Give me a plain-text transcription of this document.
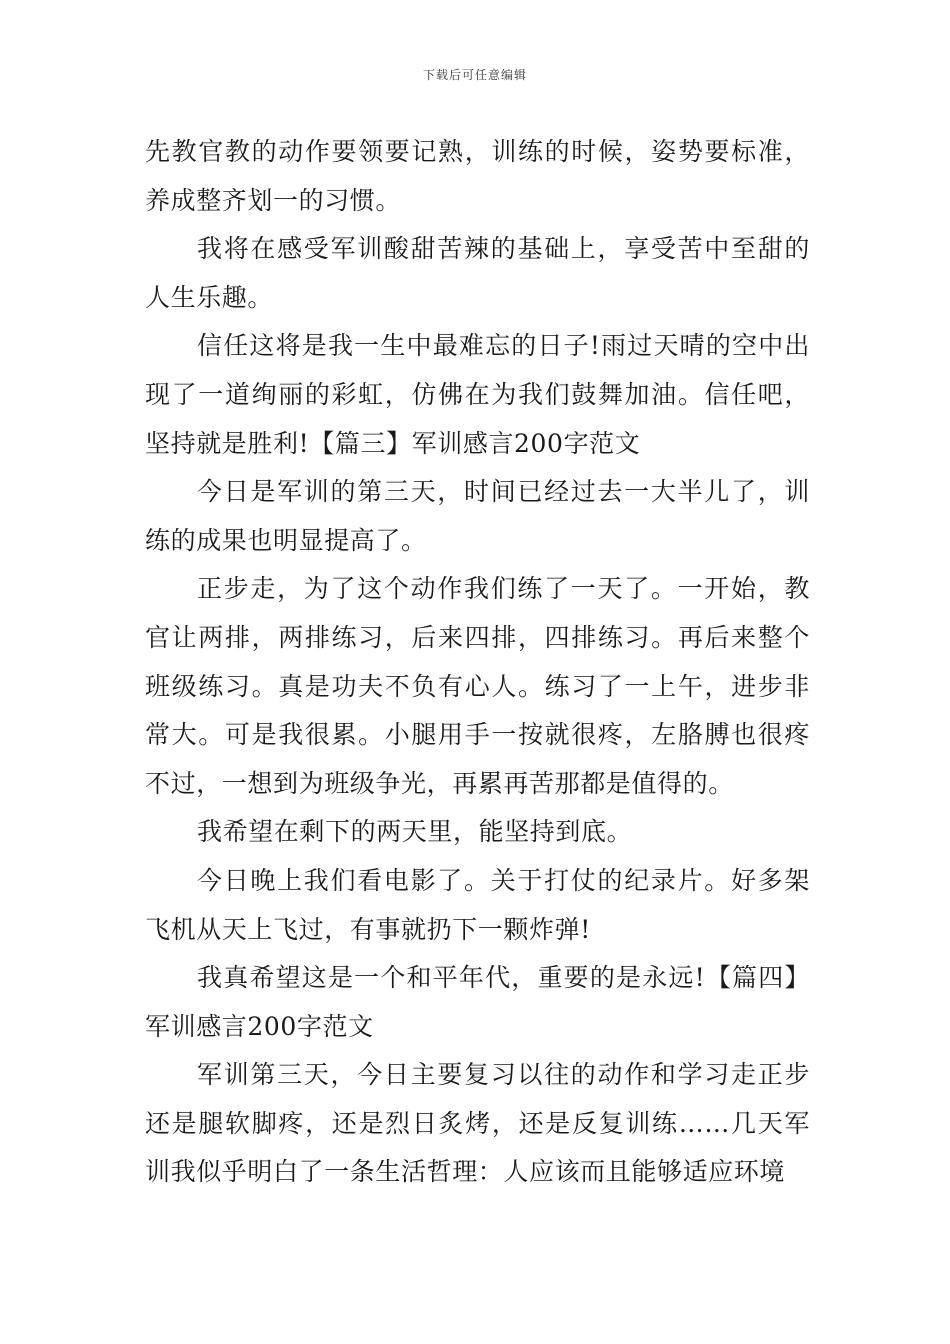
下载后可任意编辑

先教官教的动作要领要记熟，训练的时候，姿势要标准，养成整齐划一的习惯。

我将在感受军训酸甜苦辣的基础上，享受苦中至甜的人生乐趣。

信任这将是我一生中最难忘的日子!雨过天晴的空中出现了一道绚丽的彩虹，仿佛在为我们鼓舞加油。信任吧，坚持就是胜利!【篇三】军训感言200字范文

今日是军训的第三天，时间已经过去一大半儿了，训练的成果也明显提高了。

正步走，为了这个动作我们练了一天了。一开始，教官让两排，两排练习，后来四排，四排练习。再后来整个班级练习。真是功夫不负有心人。练习了一上午，进步非常大。可是我很累。小腿用手一按就很疼，左胳膊也很疼不过，一想到为班级争光，再累再苦那都是值得的。

我希望在剩下的两天里，能坚持到底。

今日晚上我们看电影了。关于打仗的纪录片。好多架飞机从天上飞过，有事就扔下一颗炸弹!

我真希望这是一个和平年代，重要的是永远!【篇四】军训感言200字范文

军训第三天，今日主要复习以往的动作和学习走正步还是腿软脚疼，还是烈日炙烤，还是反复训练……几天军训我似乎明白了一条生活哲理：人应该而且能够适应环境
